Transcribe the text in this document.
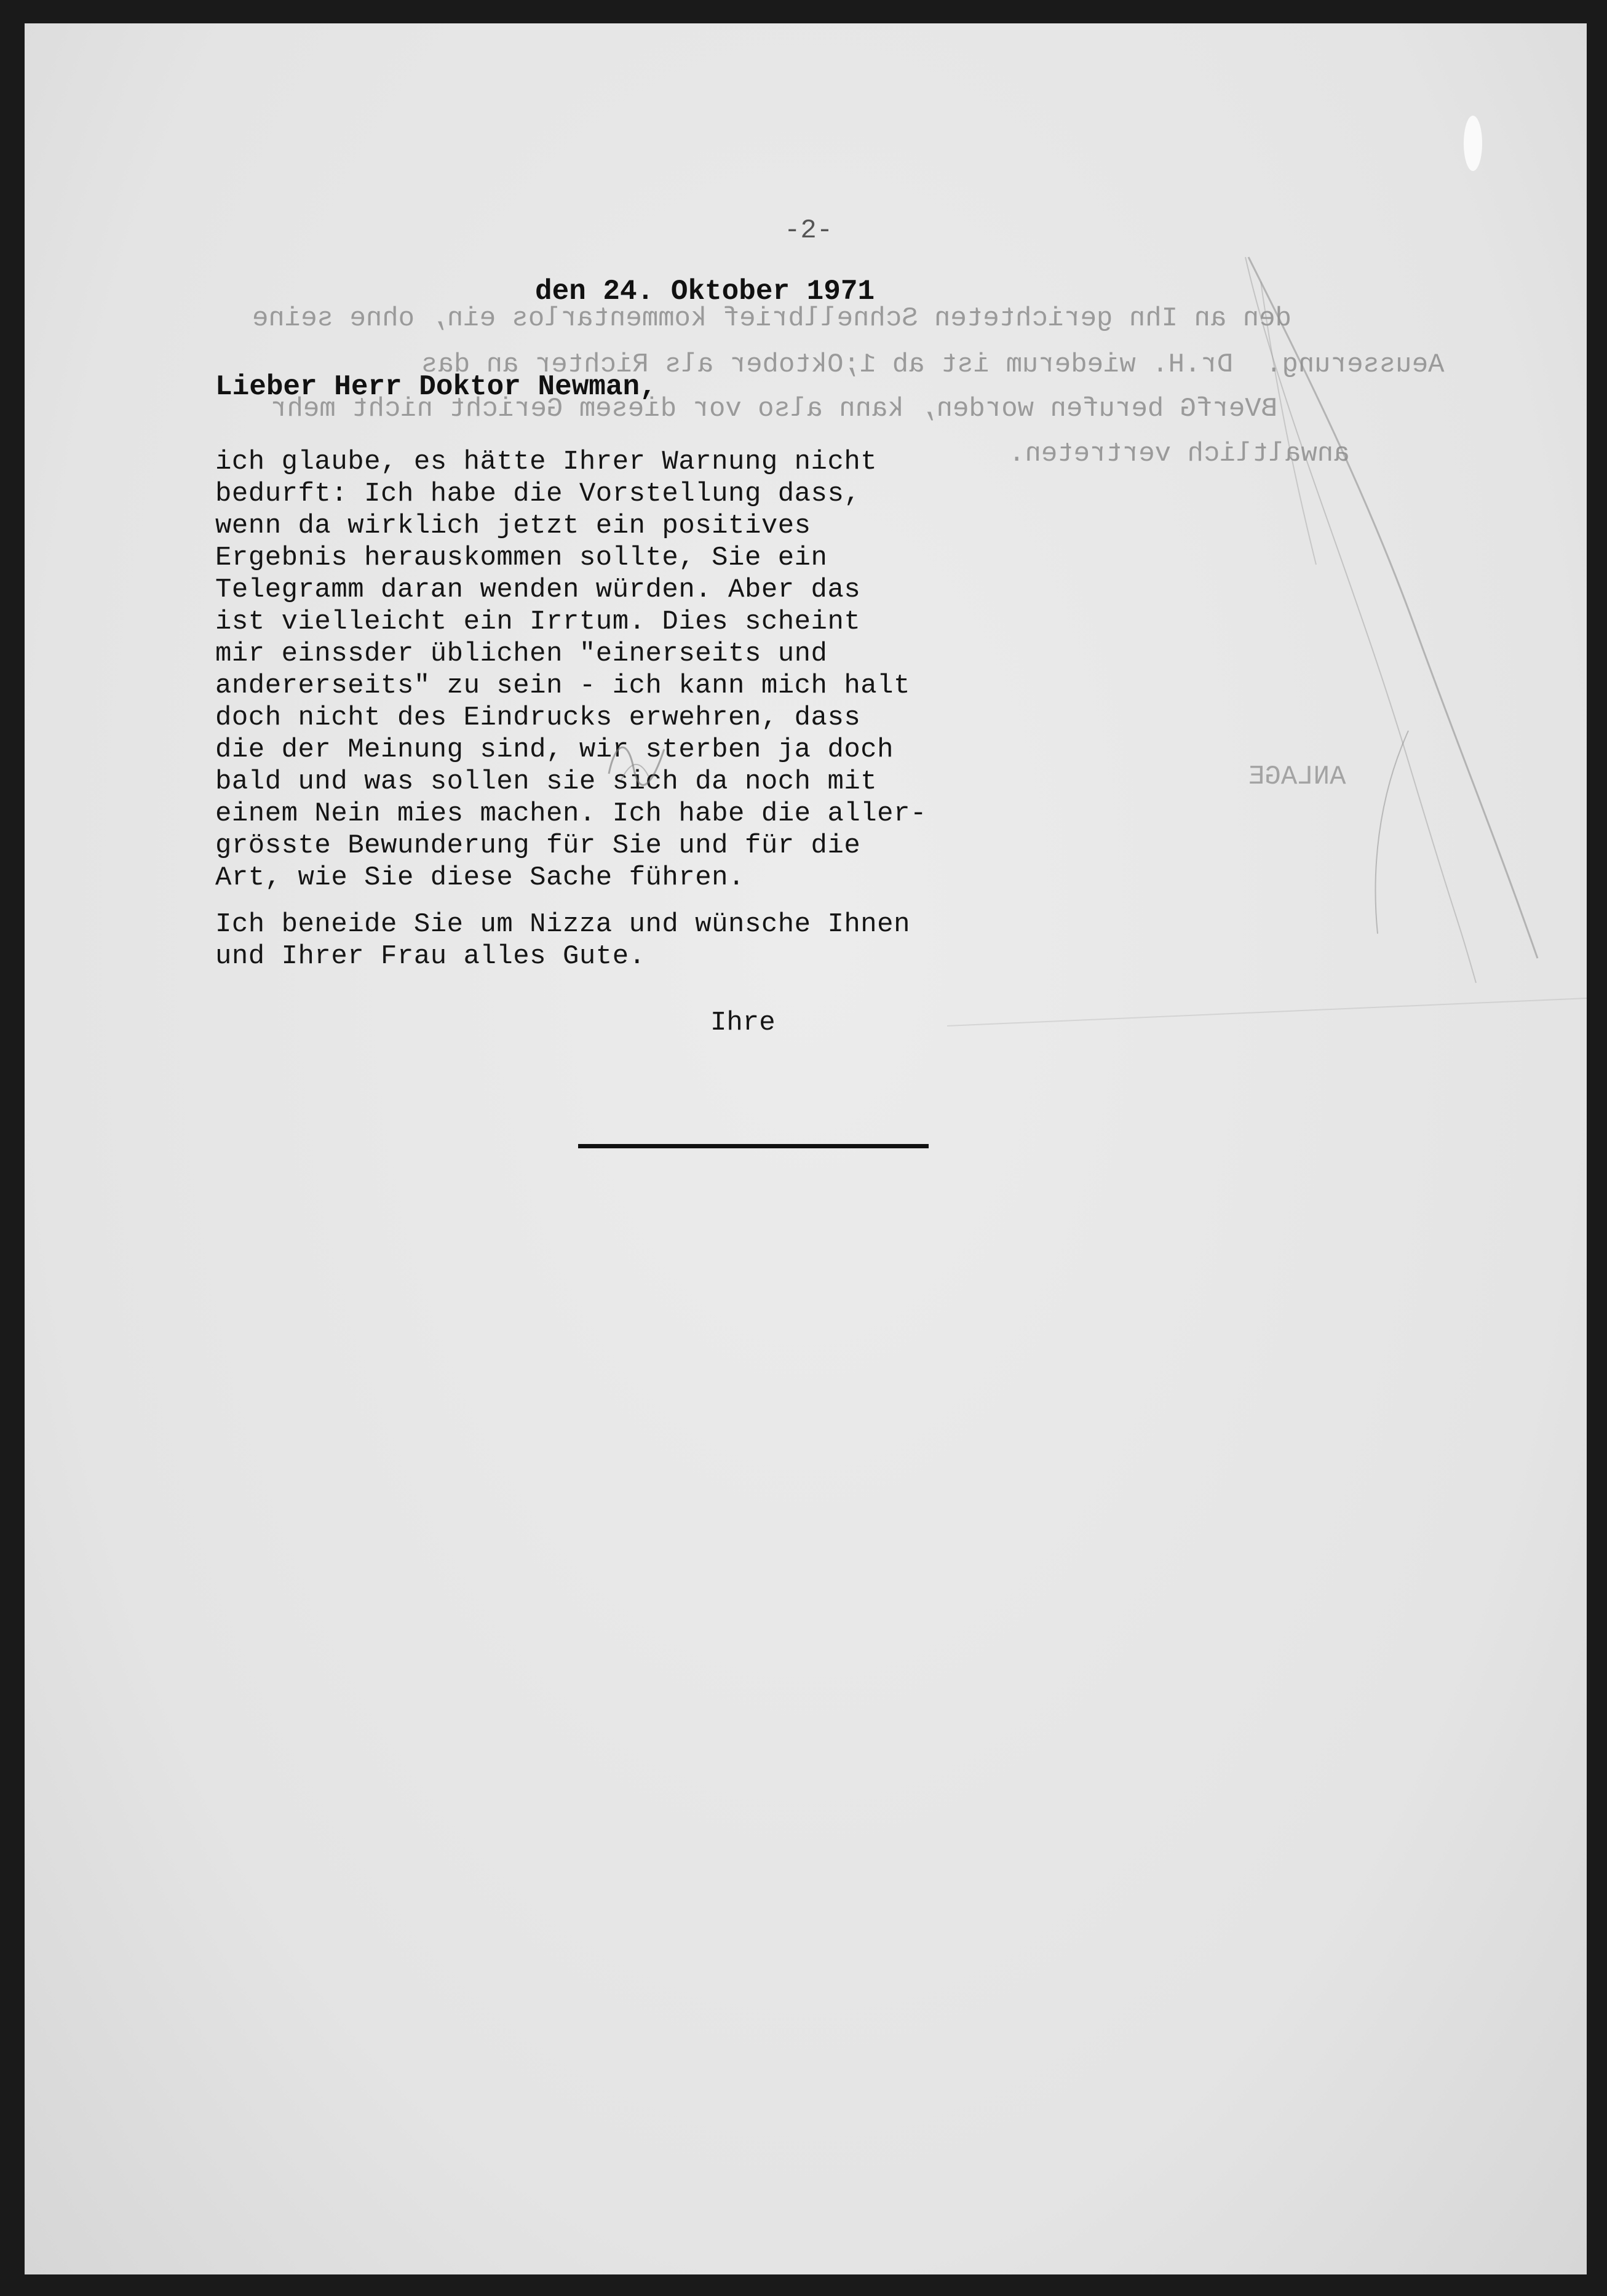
den an Ihn gerichteten Schnellbrief kommentarlos ein, ohne seine
Aeusserung.  Dr.H. wiederum ist ab 1;Oktober als Richter an das
BVerfG berufen worden, kann also vor diesem Gericht nicht mehr
anwaltlich vertreten.
ANLAGE
-2-
den 24. Oktober 1971
Lieber Herr Doktor Newman,
ich glaube, es hätte Ihrer Warnung nicht
bedurft: Ich habe die Vorstellung dass,
wenn da wirklich jetzt ein positives
Ergebnis herauskommen sollte, Sie ein
Telegramm daran wenden würden. Aber das
ist vielleicht ein Irrtum. Dies scheint
mir einssder üblichen "einerseits und
andererseits" zu sein - ich kann mich halt
doch nicht des Eindrucks erwehren, dass
die der Meinung sind, wir sterben ja doch
bald und was sollen sie sich da noch mit
einem Nein mies machen. Ich habe die aller-
grösste Bewunderung für Sie und für die
Art, wie Sie diese Sache führen.
Ich beneide Sie um Nizza und wünsche Ihnen
und Ihrer Frau alles Gute.
Ihre
